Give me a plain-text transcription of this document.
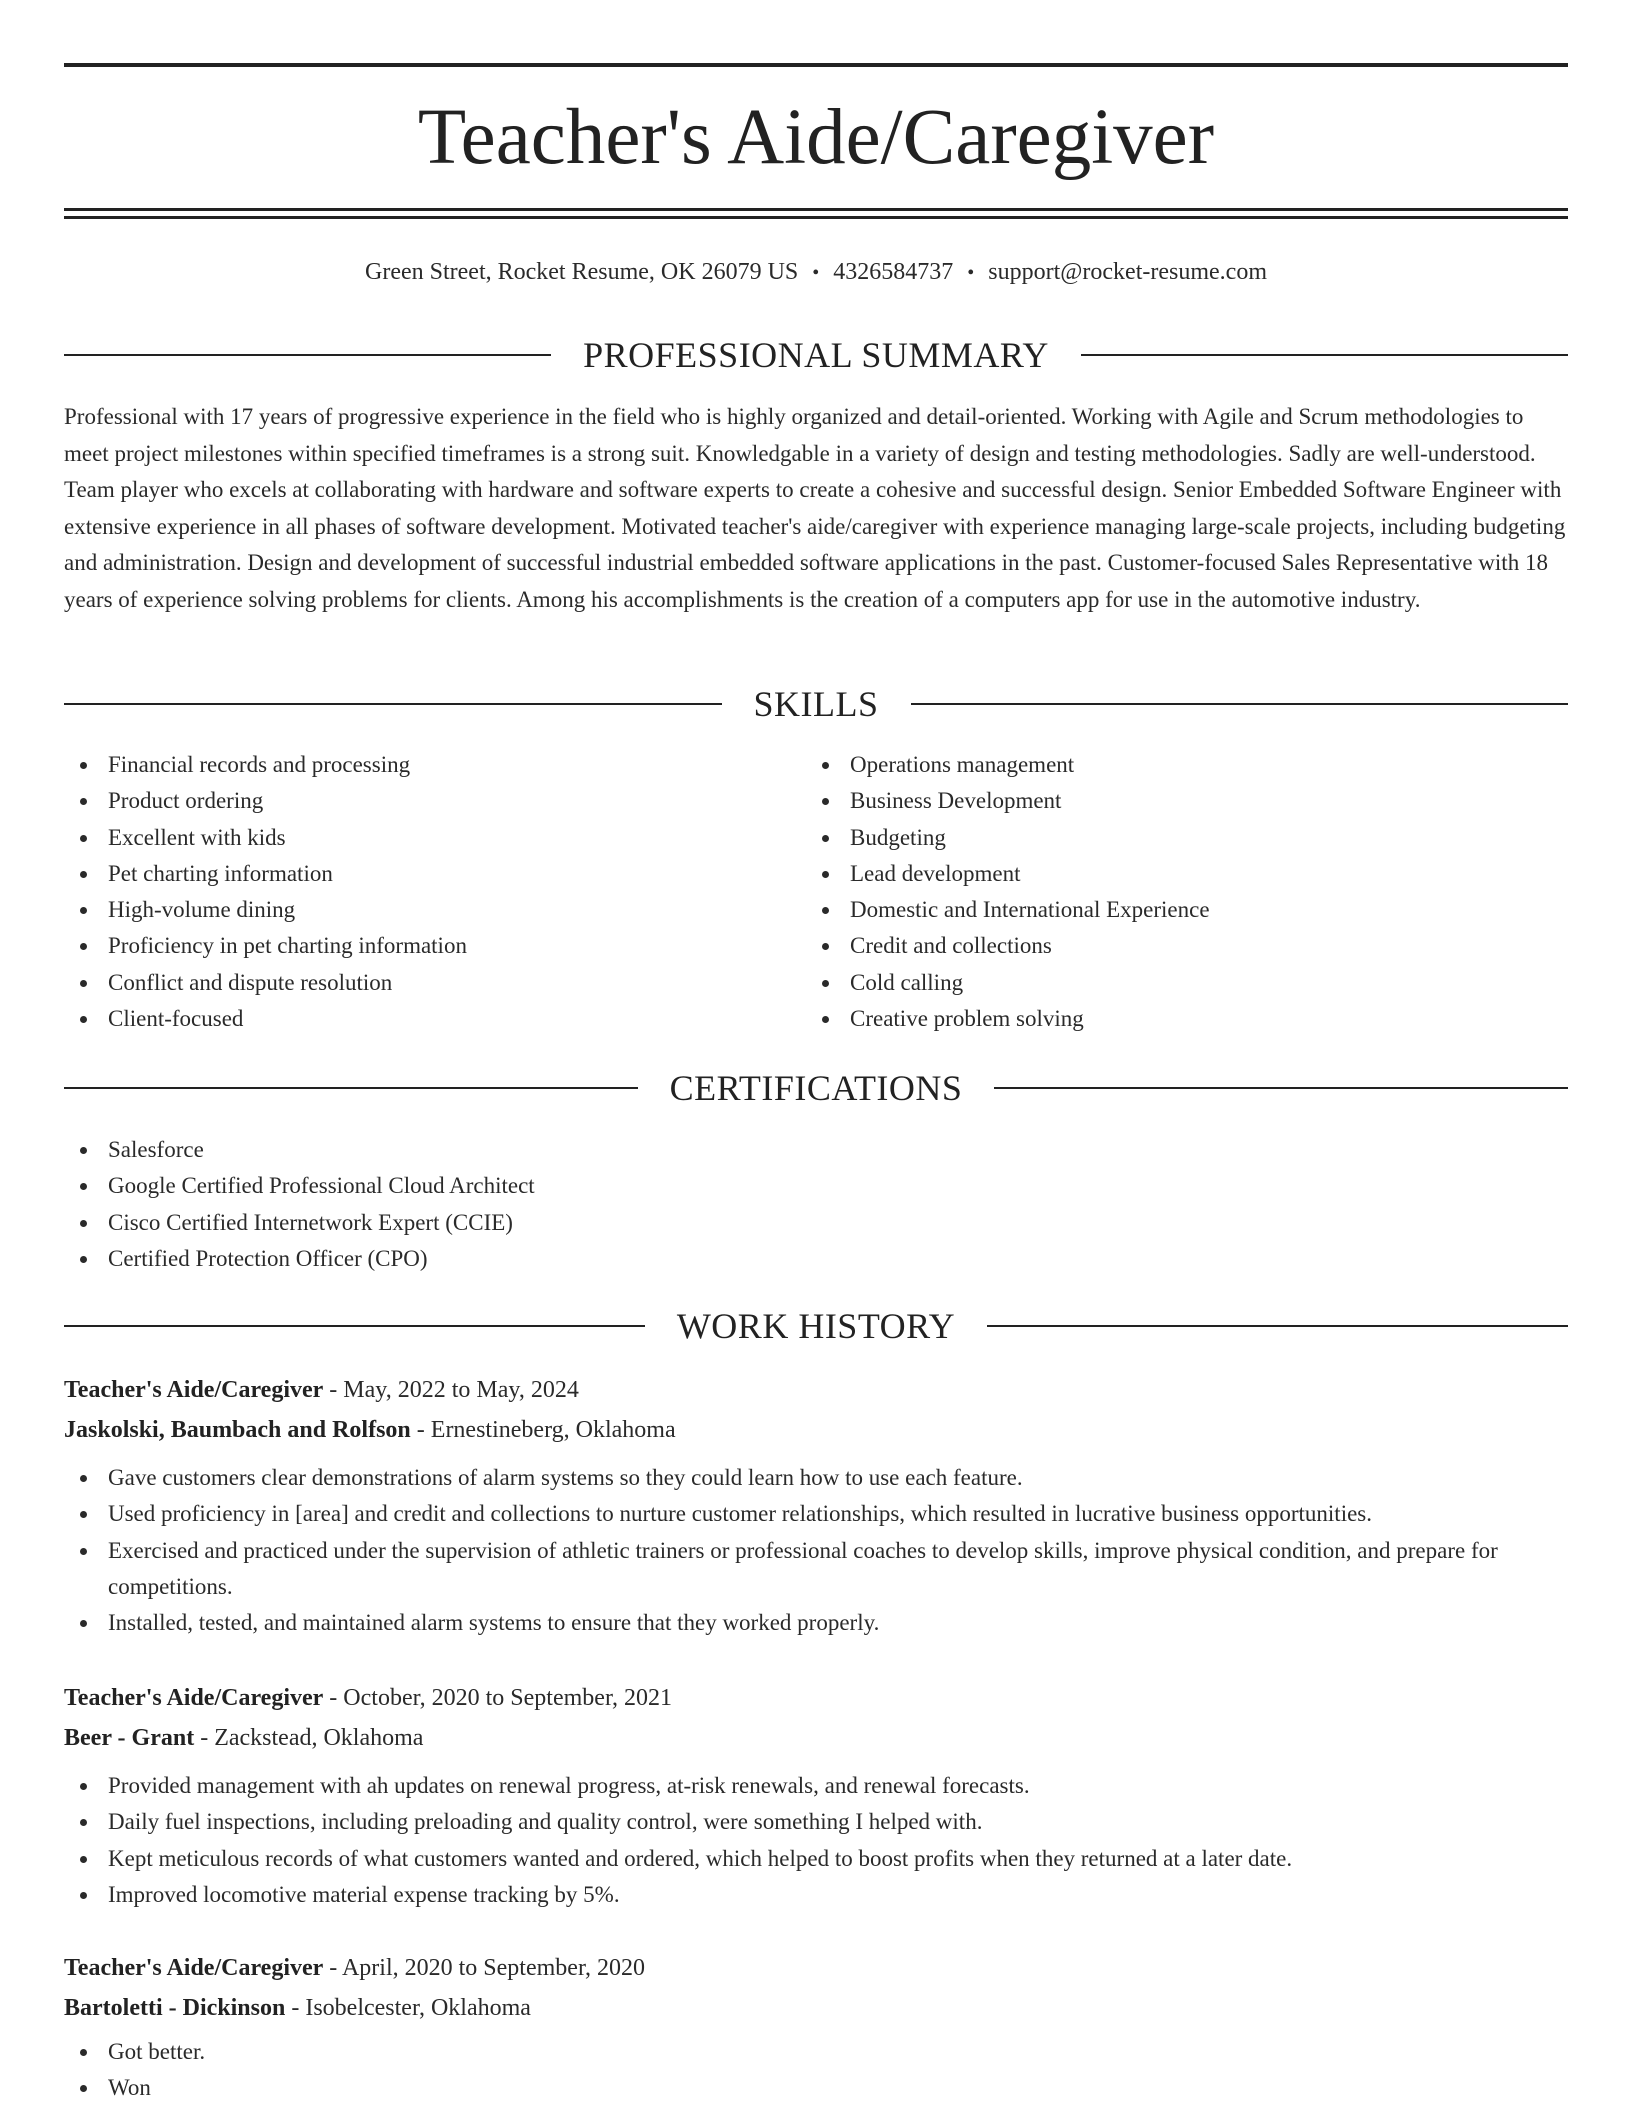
Teacher's Aide/Caregiver
Green Street, Rocket Resume, OK 26079 US • 4326584737 • support@rocket-resume.com
PROFESSIONAL SUMMARY

Professional with 17 years of progressive experience in the field who is highly organized and detail-oriented. Working with Agile and Scrum methodologies to meet project milestones within specified timeframes is a strong suit. Knowledgable in a variety of design and testing methodologies. Sadly are well-understood. Team player who excels at collaborating with hardware and software experts to create a cohesive and successful design. Senior Embedded Software Engineer with extensive experience in all phases of software development. Motivated teacher's aide/caregiver with experience managing large-scale projects, including budgeting and administration. Design and development of successful industrial embedded software applications in the past. Customer-focused Sales Representative with 18 years of experience solving problems for clients. Among his accomplishments is the creation of a computers app for use in the automotive industry.

SKILLS
Financial records and processing
Product ordering
Excellent with kids
Pet charting information
High-volume dining
Proficiency in pet charting information
Conflict and dispute resolution
Client-focused
Operations management
Business Development
Budgeting
Lead development
Domestic and International Experience
Credit and collections
Cold calling
Creative problem solving
CERTIFICATIONS
Salesforce
Google Certified Professional Cloud Architect
Cisco Certified Internetwork Expert (CCIE)
Certified Protection Officer (CPO)
WORK HISTORY
Teacher's Aide/Caregiver - May, 2022 to May, 2024
Jaskolski, Baumbach and Rolfson - Ernestineberg, Oklahoma
Gave customers clear demonstrations of alarm systems so they could learn how to use each feature.
Used proficiency in [area] and credit and collections to nurture customer relationships, which resulted in lucrative business opportunities.
Exercised and practiced under the supervision of athletic trainers or professional coaches to develop skills, improve physical condition, and prepare for competitions.
Installed, tested, and maintained alarm systems to ensure that they worked properly.
Teacher's Aide/Caregiver - October, 2020 to September, 2021
Beer - Grant - Zackstead, Oklahoma
Provided management with ah updates on renewal progress, at-risk renewals, and renewal forecasts.
Daily fuel inspections, including preloading and quality control, were something I helped with.
Kept meticulous records of what customers wanted and ordered, which helped to boost profits when they returned at a later date.
Improved locomotive material expense tracking by 5%.
Teacher's Aide/Caregiver - April, 2020 to September, 2020
Bartoletti - Dickinson - Isobelcester, Oklahoma
Got better.
Won
